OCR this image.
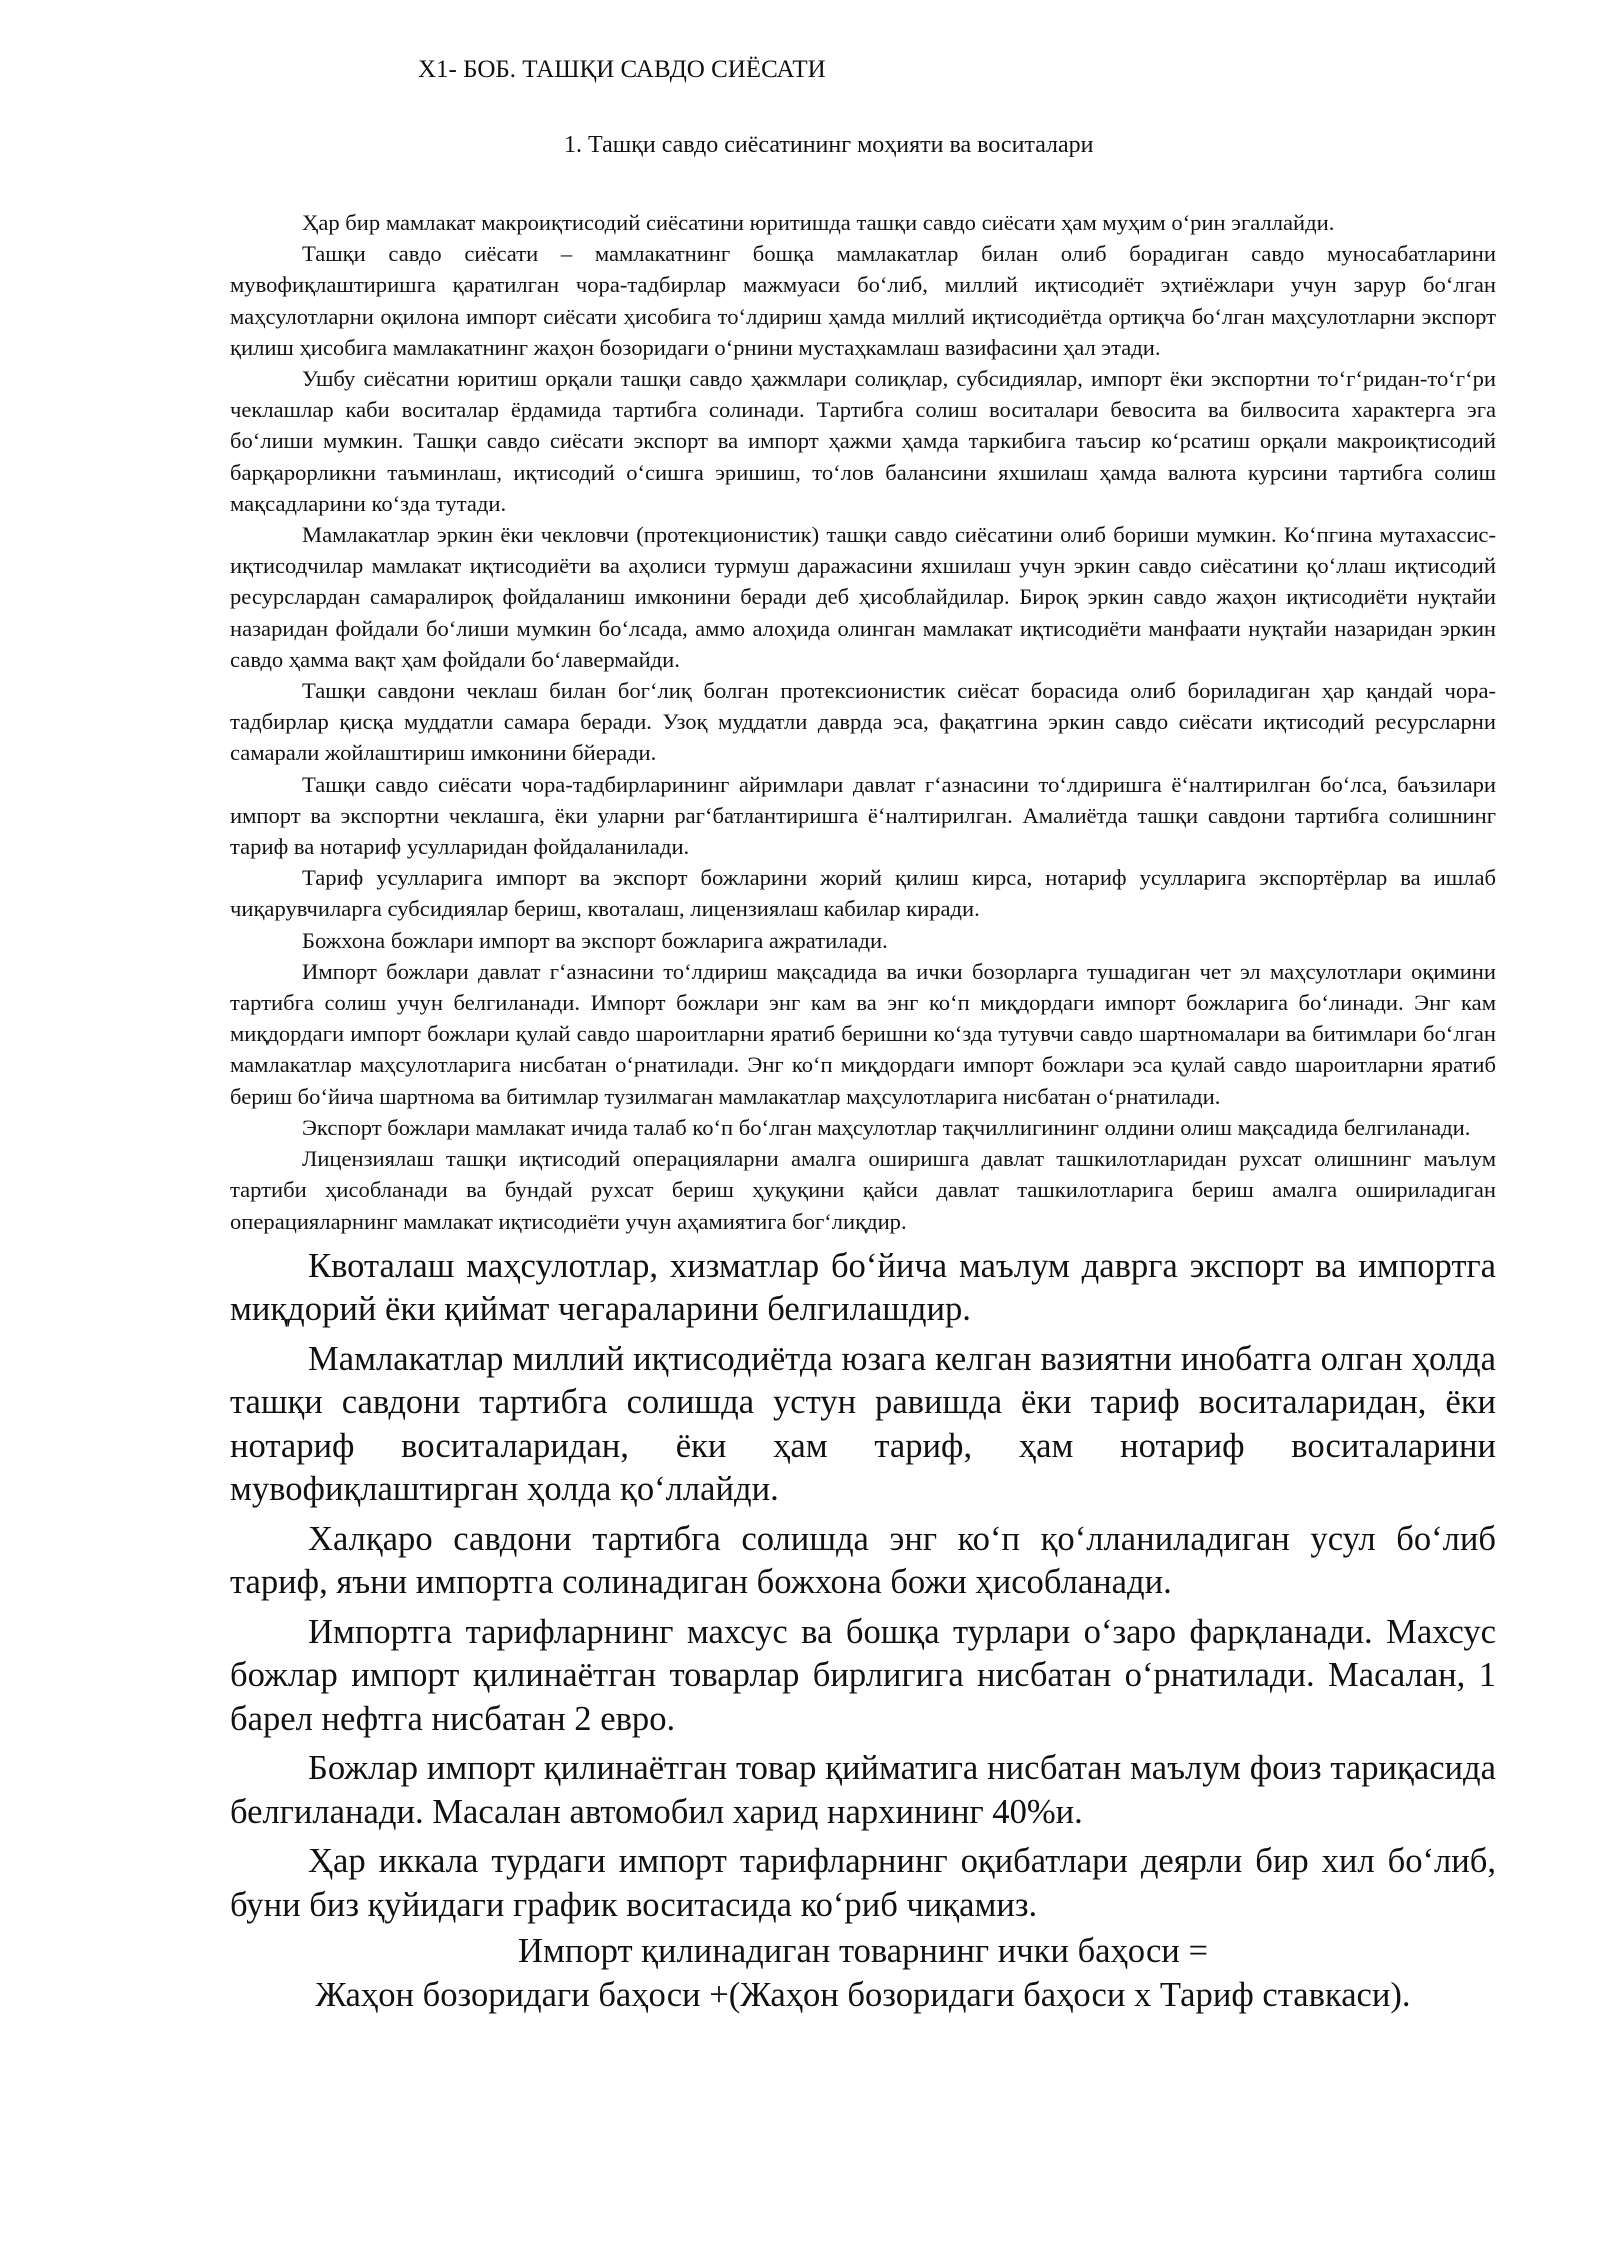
Х1- БОБ. ТАШҚИ САВДО СИЁСАТИ
1. Ташқи савдо сиёсатининг моҳияти ва воситалари

Ҳар бир мамлакат макроиқтисодий сиёсатини юритишда ташқи савдо сиёсати ҳам муҳим оʻрин эгаллайди.

Ташқи савдо сиёсати – мамлакатнинг бошқа мамлакатлар билан олиб борадиган савдо муносабатларини мувофиқлаштиришга қаратилган чора-тадбирлар мажмуаси боʻлиб, миллий иқтисодиёт эҳтиёжлари учун зарур боʻлган маҳсулотларни оқилона импорт сиёсати ҳисобига тоʻлдириш ҳамда миллий иқтисодиётда ортиқча боʻлган маҳсулотларни экспорт қилиш ҳисобига мамлакатнинг жаҳон бозоридаги оʻрнини мустаҳкамлаш вазифасини ҳал этади.

Ушбу сиёсатни юритиш орқали ташқи савдо ҳажмлари солиқлар, субсидиялар, импорт ёки экспортни тоʻгʻридан-тоʻгʻри чеклашлар каби воситалар ёрдамида тартибга солинади. Тартибга солиш воситалари бевосита ва билвосита характерга эга боʻлиши мумкин. Ташқи савдо сиёсати экспорт ва импорт ҳажми ҳамда таркибига таъсир коʻрсатиш орқали макроиқтисодий барқарорликни таъминлаш, иқтисодий оʻсишга эришиш, тоʻлов балансини яхшилаш ҳамда валюта курсини тартибга солиш мақсадларини коʻзда тутади.

Мамлакатлар эркин ёки чекловчи (протекционистик) ташқи савдо сиёсатини олиб бориши мумкин. Коʻпгина мутахассис-иқтисодчилар мамлакат иқтисодиёти ва аҳолиси турмуш даражасини яхшилаш учун эркин савдо сиёсатини қоʻллаш иқтисодий ресурслардан самаралироқ фойдаланиш имконини беради деб ҳисоблайдилар. Бироқ эркин савдо жаҳон иқтисодиёти нуқтайи назаридан фойдали боʻлиши мумкин боʻлсада, аммо алоҳида олинган мамлакат иқтисодиёти манфаати нуқтайи назаридан эркин савдо ҳамма вақт ҳам фойдали боʻлавермайди.

Ташқи савдони чеклаш билан богʻлиқ болган протексионистик сиёсат борасида олиб бориладиган ҳар қандай чора-тадбирлар қисқа муддатли самара беради. Узоқ муддатли даврда эса, фақатгина эркин савдо сиёсати иқтисодий ресурсларни самарали жойлаштириш имконини бйеради.

Ташқи савдо сиёсати чора-тадбирларининг айримлари давлат гʻазнасини тоʻлдиришга ёʻналтирилган боʻлса, баъзилари импорт ва экспортни чеклашга, ёки уларни рагʻбатлантиришга ёʻналтирилган. Амалиётда ташқи савдони тартибга солишнинг тариф ва нотариф усулларидан фойдаланилади.

Тариф усулларига импорт ва экспорт божларини жорий қилиш кирса, нотариф усулларига экспортёрлар ва ишлаб чиқарувчиларга субсидиялар бериш, квоталаш, лицензиялаш кабилар киради.

Божхона божлари импорт ва экспорт божларига ажратилади.

Импорт божлари давлат гʻазнасини тоʻлдириш мақсадида ва ички бозорларга тушадиган чет эл маҳсулотлари оқимини тартибга солиш учун белгиланади. Импорт божлари энг кам ва энг коʻп миқдордаги импорт божларига боʻлинади. Энг кам миқдордаги импорт божлари қулай савдо шароитларни яратиб беришни коʻзда тутувчи савдо шартномалари ва битимлари боʻлган мамлакатлар маҳсулотларига нисбатан оʻрнатилади. Энг коʻп миқдордаги импорт божлари эса қулай савдо шароитларни яратиб бериш боʻйича шартнома ва битимлар тузилмаган мамлакатлар маҳсулотларига нисбатан оʻрнатилади.

Экспорт божлари мамлакат ичида талаб коʻп боʻлган маҳсулотлар тақчиллигининг олдини олиш мақсадида белгиланади.

Лицензиялаш ташқи иқтисодий операцияларни амалга оширишга давлат ташкилотларидан рухсат олишнинг маълум тартиби ҳисобланади ва бундай рухсат бериш ҳуқуқини қайси давлат ташкилотларига бериш амалга ошириладиган операцияларнинг мамлакат иқтисодиёти учун аҳамиятига богʻлиқдир.

Квоталаш маҳсулотлар, хизматлар боʻйича маълум даврга экспорт ва импортга миқдорий ёки қиймат чегараларини белгилашдир.

Мамлакатлар миллий иқтисодиётда юзага келган вазиятни инобатга олган ҳолда ташқи савдони тартибга солишда устун равишда ёки тариф воситаларидан, ёки нотариф воситаларидан, ёки ҳам тариф, ҳам нотариф воситаларини мувофиқлаштирган ҳолда қоʻллайди.

Халқаро савдони тартибга солишда энг коʻп қоʻлланиладиган усул боʻлиб тариф, яъни импортга солинадиган божхона божи ҳисобланади.

Импортга тарифларнинг махсус ва бошқа турлари оʻзаро фарқланади. Махсус божлар импорт қилинаётган товарлар бирлигига нисбатан оʻрнатилади. Масалан, 1 барел нефтга нисбатан 2 евро.

Божлар импорт қилинаётган товар қийматига нисбатан маълум фоиз тариқасида белгиланади. Масалан автомобил харид нархининг 40%и.

Ҳар иккала турдаги импорт тарифларнинг оқибатлари деярли бир хил боʻлиб, буни биз қуйидаги график воситасида коʻриб чиқамиз.

Импорт қилинадиган товарнинг ички баҳоси =

Жаҳон бозоридаги баҳоси +(Жаҳон бозоридаги баҳоси х Тариф ставкаси).
